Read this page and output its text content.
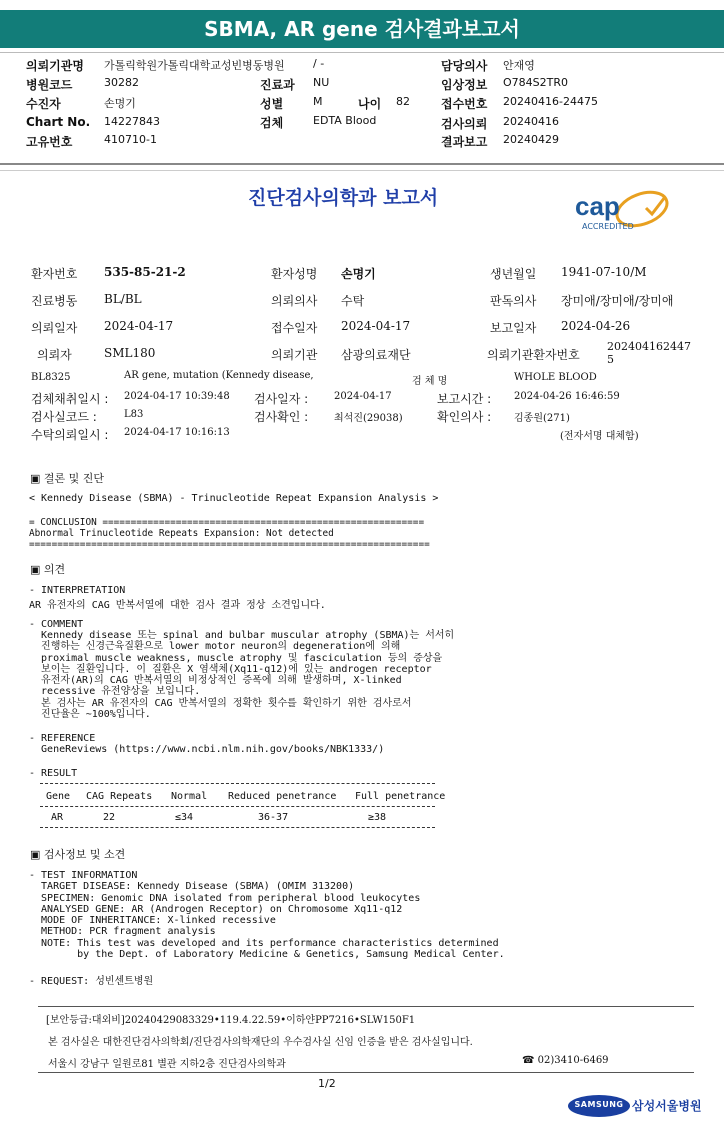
SBMA, AR gene 검사결과보고서
의뢰기관명 가톨릭학원가톨릭대학교성빈병동병원	/ -	담당의사 안재영
병원코드	30282	진료과 NU	임상정보 O784S2TR0
수진자	손명기	성별	M	나이 82	접수번호 20240416-24475
Chart No. 14227843	검체	EDTA Blood	검사의뢰 20240416
고유번호	410710-1	결과보고 20240429
진단검사의학과 보고서	cap
ACCREDITED
환자번호 535-85-21-2	환자성명 손명기	생년월일 1941-07-10/M
진료병동 BL/BL	의뢰의사 수탁	판독의사 장미애/장미애/장미애
의뢰일자 2024-04-17	접수일자 2024-04-17	보고일자 2024-04-26
의뢰자	SML180	의뢰기관 삼광의료재단	의뢰기관환자번호
202404162447
5
BL8325	AR gene, mutation (Kennedy disease,
검 체 명	WHOLE BLOOD
검체채취일시 : 2024-04-17 10:39:48 검사일자 :	2024-04-17	보고시간 : 2024-04-26 16:46:59
검사실코드 :	L83	검사확인 :	최석진(29038)	확인의사 : 김종원(271)
수탁의뢰일시 : 2024-04-17 10:16:13	(전자서명 대체함)
▣ 결론 및 진단
< Kennedy Disease (SBMA) - Trinucleotide Repeat Expansion Analysis >
= CONCLUSION =========================================================
Abnormal Trinucleotide Repeats Expansion: Not detected
=======================================================================
▣ 의견
- INTERPRETATION
AR 유전자의 CAG 반복서열에 대한 검사 결과 정상 소견입니다.
- COMMENT
Kennedy disease 또는 spinal and bulbar muscular atrophy (SBMA)는 서서히
진행하는 신경근육질환으로 lower motor neuron의 degeneration에 의해
proximal muscle weakness, muscle atrophy 및 fasciculation 등의 증상을
보이는 질환입니다. 이 질환은 X 염색체(Xq11-q12)에 있는 androgen receptor
유전자(AR)의 CAG 반복서열의 비정상적인 증폭에 의해 발생하며, X-linked
recessive 유전양상을 보입니다.
본 검사는 AR 유전자의 CAG 반복서열의 정확한 횟수를 확인하기 위한 검사로서
진단율은 ~100%입니다.
- REFERENCE
GeneReviews (https://www.ncbi.nlm.nih.gov/books/NBK1333/)
- RESULT
Gene CAG Repeats Normal Reduced penetrance Full penetrance
AR	22	≤34	36-37	≥38
▣ 검사정보 및 소견
- TEST INFORMATION
TARGET DISEASE: Kennedy Disease (SBMA) (OMIM 313200)
SPECIMEN: Genomic DNA isolated from peripheral blood leukocytes
ANALYSED GENE: AR (Androgen Receptor) on Chromosome Xq11-q12
MODE OF INHERITANCE: X-linked recessive
METHOD: PCR fragment analysis
NOTE: This test was developed and its performance characteristics determined
by the Dept. of Laboratory Medicine & Genetics, Samsung Medical Center.
- REQUEST: 성빈센트병원
[보안등급:대외비]20240429083329•119.4.22.59•이하얀PP7216•SLW150F1
본 검사실은 대한진단검사의학회/진단검사의학재단의 우수검사실 신임 인증을 받은 검사실입니다.
서울시 강남구 일원로81 별관 지하2층 진단검사의학과	☎ 02)3410-6469
1/2
SAMSUNG 삼성서울병원
